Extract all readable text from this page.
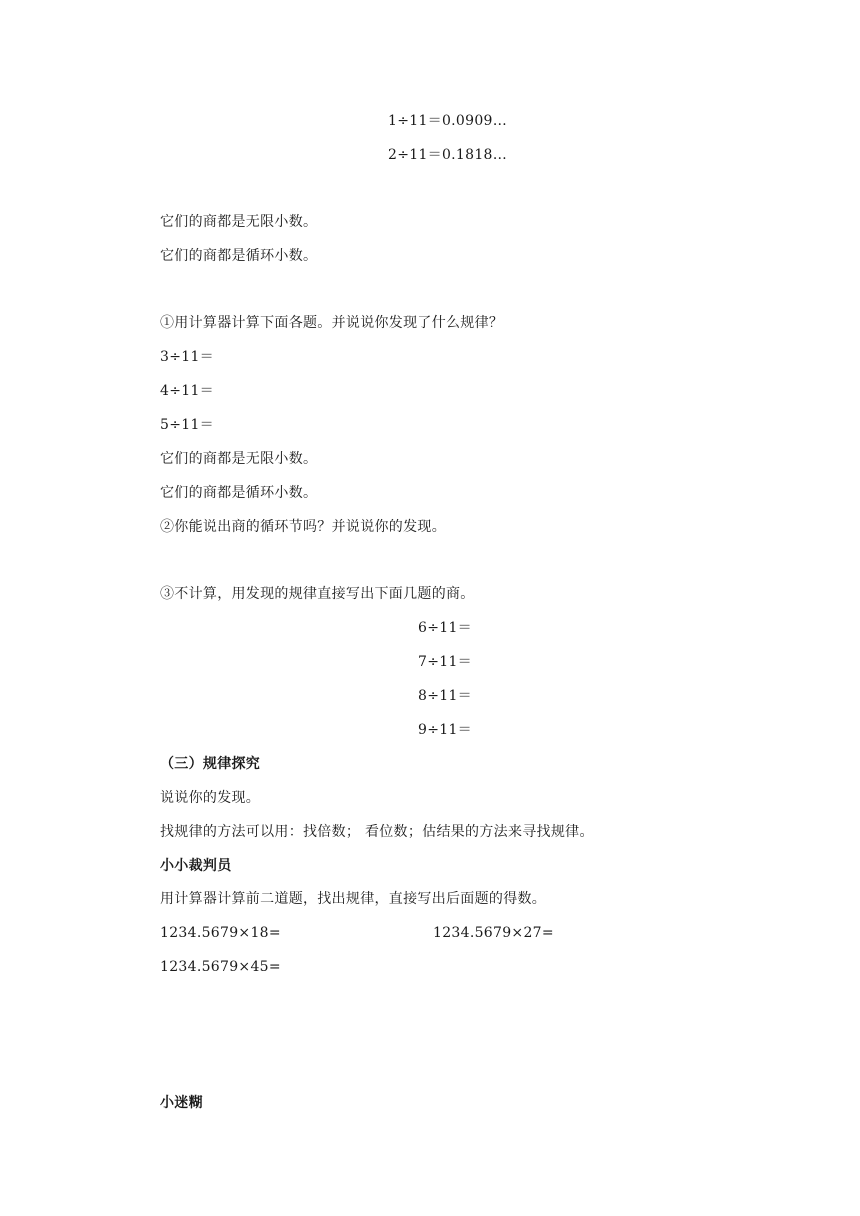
1÷11＝0.0909…
2÷11＝0.1818…
它们的商都是无限小数。
它们的商都是循环小数。
①用计算器计算下面各题。并说说你发现了什么规律？
3÷11＝
4÷11＝
5÷11＝
它们的商都是无限小数。
它们的商都是循环小数。
②你能说出商的循环节吗？并说说你的发现。
③不计算，用发现的规律直接写出下面几题的商。
6÷11＝
7÷11＝
8÷11＝
9÷11＝
（三）规律探究
说说你的发现。
找规律的方法可以用：找倍数； 看位数；估结果的方法来寻找规律。
小小裁判员
用计算器计算前二道题，找出规律，直接写出后面题的得数。
1234.5679×18=	1234.5679×27=
1234.5679×45=
小迷糊
